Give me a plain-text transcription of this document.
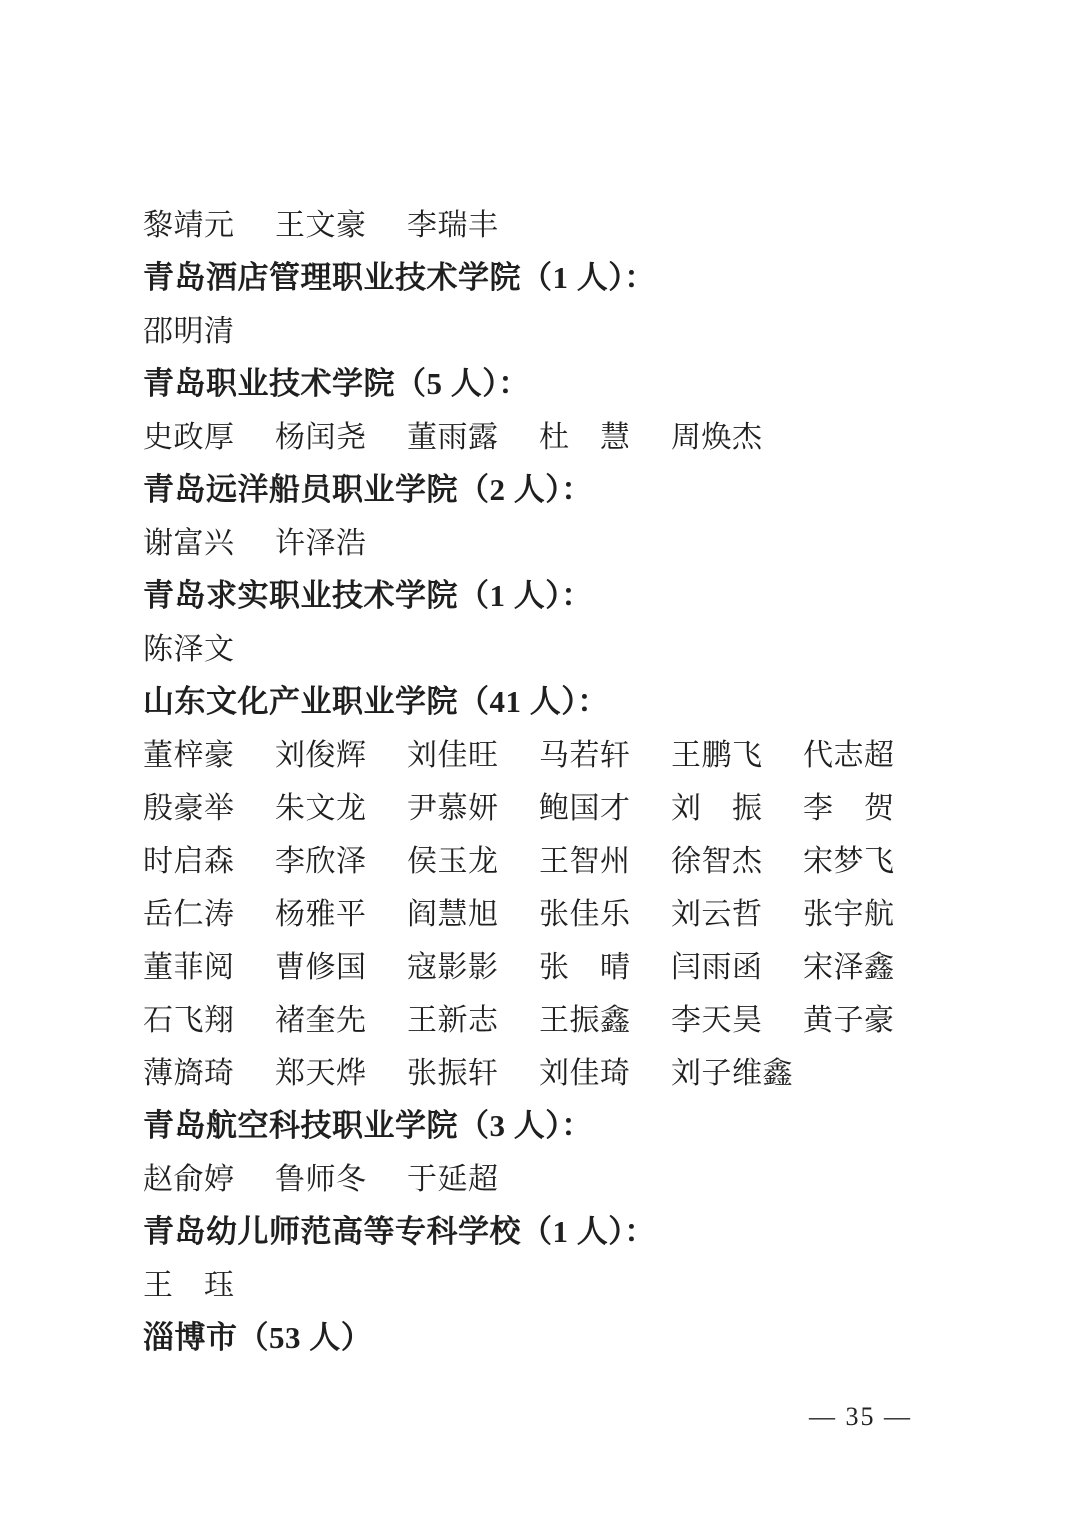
黎靖元	王文豪	李瑞丰
青岛酒店管理职业技术学院（1 人）：
邵明清
青岛职业技术学院（5 人）：
史政厚	杨闰尧	董雨露	杜　慧	周焕杰
青岛远洋船员职业学院（2 人）：
谢富兴	许泽浩
青岛求实职业技术学院（1 人）：
陈泽文
山东文化产业职业学院（41 人）：
董梓豪	刘俊辉	刘佳旺	马若轩	王鹏飞	代志超
殷豪举	朱文龙	尹慕妍	鲍国才	刘　振	李　贺
时启森	李欣泽	侯玉龙	王智州	徐智杰	宋梦飞
岳仁涛	杨雅平	阎慧旭	张佳乐	刘云哲	张宇航
董菲阅	曹修国	寇影影	张　晴	闫雨函	宋泽鑫
石飞翔	褚奎先	王新志	王振鑫	李天昊	黄子豪
薄旖琦	郑天烨	张振轩	刘佳琦	刘子维鑫
青岛航空科技职业学院（3 人）：
赵俞婷	鲁师冬	于延超
青岛幼儿师范高等专科学校（1 人）：
王　珏
淄博市（53 人）
— 35 —
